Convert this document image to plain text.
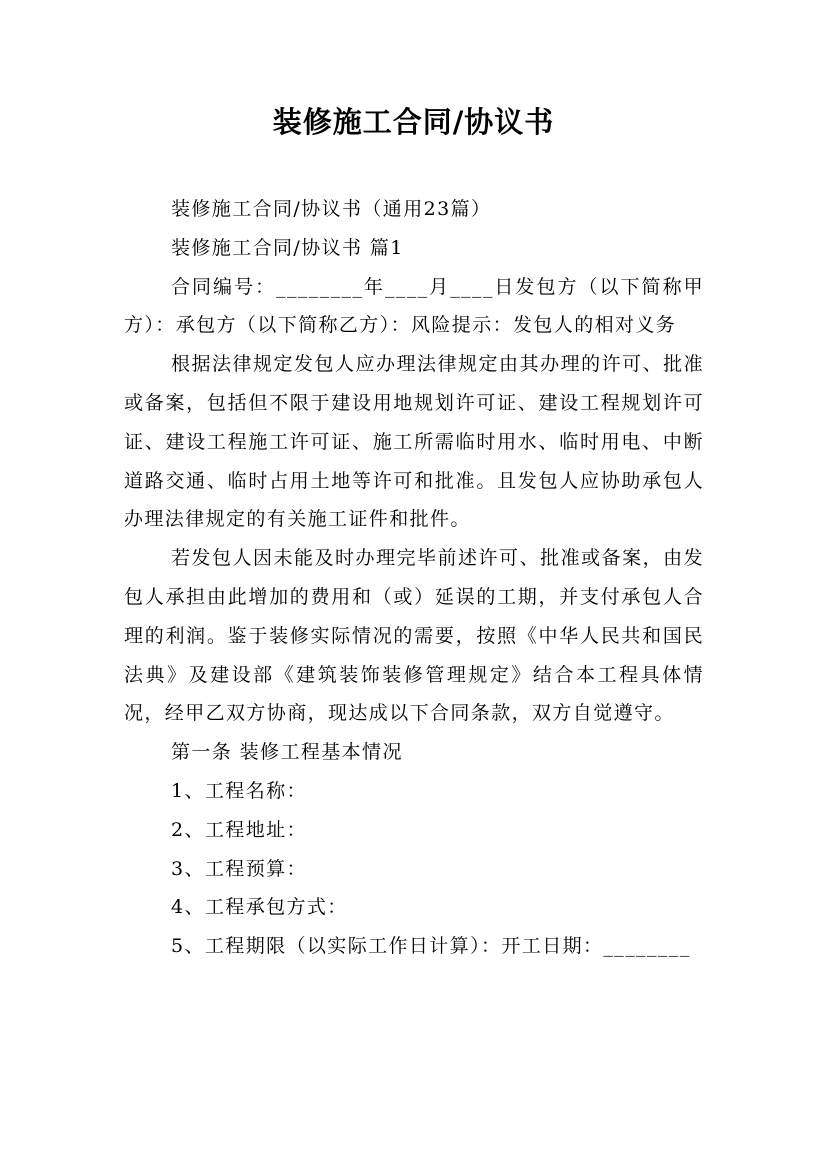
装修施工合同/协议书

装修施工合同/协议书（通用23篇）

装修施工合同/协议书 篇1

合同编号：________年____月____日发包方（以下简称甲方）：承包方（以下简称乙方）：风险提示：发包人的相对义务

根据法律规定发包人应办理法律规定由其办理的许可、批准或备案，包括但不限于建设用地规划许可证、建设工程规划许可证、建设工程施工许可证、施工所需临时用水、临时用电、中断道路交通、临时占用土地等许可和批准。且发包人应协助承包人办理法律规定的有关施工证件和批件。

若发包人因未能及时办理完毕前述许可、批准或备案，由发包人承担由此增加的费用和（或）延误的工期，并支付承包人合理的利润。鉴于装修实际情况的需要，按照《中华人民共和国民法典》及建设部《建筑装饰装修管理规定》结合本工程具体情况，经甲乙双方协商，现达成以下合同条款，双方自觉遵守。

第一条 装修工程基本情况

1、工程名称：

2、工程地址：

3、工程预算：

4、工程承包方式：

5、工程期限（以实际工作日计算）：开工日期：________
